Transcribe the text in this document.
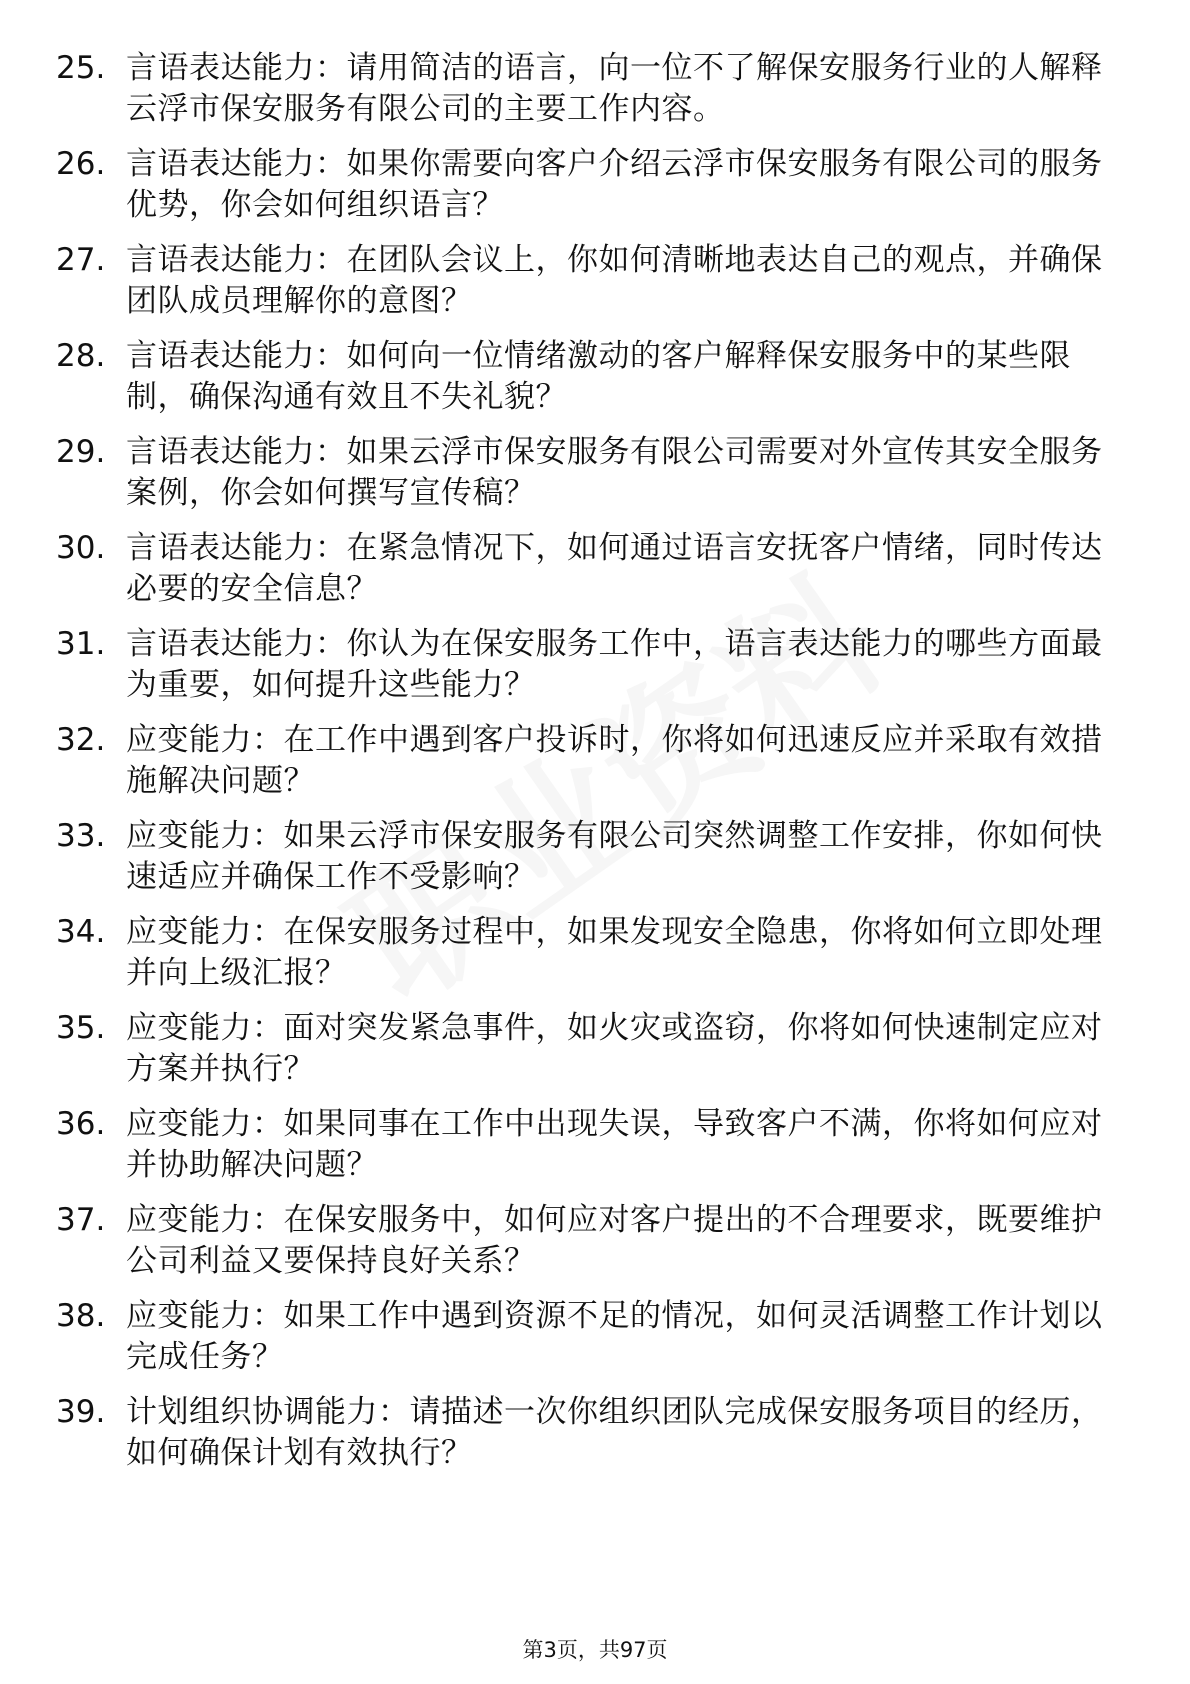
25. 言语表达能力：请用简洁的语言，向一位不了解保安服务行业的人解释云浮市保安服务有限公司的主要工作内容。
26. 言语表达能力：如果你需要向客户介绍云浮市保安服务有限公司的服务优势，你会如何组织语言？
27. 言语表达能力：在团队会议上，你如何清晰地表达自己的观点，并确保团队成员理解你的意图？
28. 言语表达能力：如何向一位情绪激动的客户解释保安服务中的某些限制，确保沟通有效且不失礼貌？
29. 言语表达能力：如果云浮市保安服务有限公司需要对外宣传其安全服务案例，你会如何撰写宣传稿？
30. 言语表达能力：在紧急情况下，如何通过语言安抚客户情绪，同时传达必要的安全信息？
31. 言语表达能力：你认为在保安服务工作中，语言表达能力的哪些方面最为重要，如何提升这些能力？
32. 应变能力：在工作中遇到客户投诉时，你将如何迅速反应并采取有效措施解决问题？
33. 应变能力：如果云浮市保安服务有限公司突然调整工作安排，你如何快速适应并确保工作不受影响？
34. 应变能力：在保安服务过程中，如果发现安全隐患，你将如何立即处理并向上级汇报？
35. 应变能力：面对突发紧急事件，如火灾或盗窃，你将如何快速制定应对方案并执行？
36. 应变能力：如果同事在工作中出现失误，导致客户不满，你将如何应对并协助解决问题？
37. 应变能力：在保安服务中，如何应对客户提出的不合理要求，既要维护公司利益又要保持良好关系？
38. 应变能力：如果工作中遇到资源不足的情况，如何灵活调整工作计划以完成任务？
39. 计划组织协调能力：请描述一次你组织团队完成保安服务项目的经历，如何确保计划有效执行？
第3页，共97页
